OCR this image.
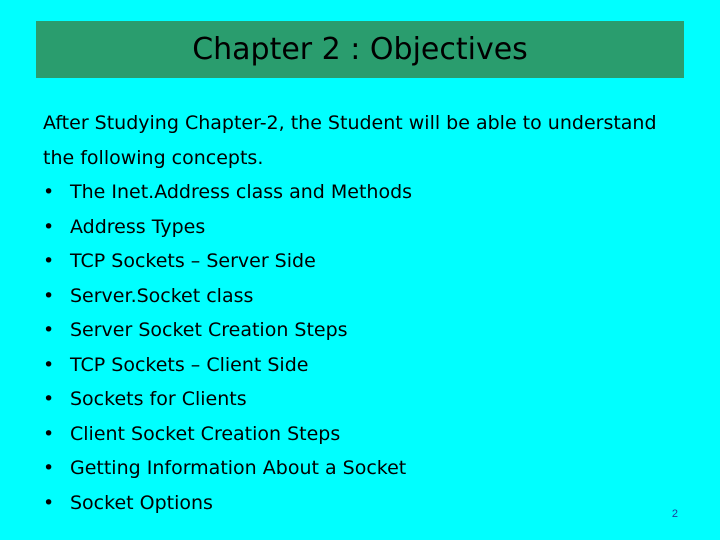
Chapter 2 : Objectives

After Studying Chapter-2, the Student will be able to understand the following concepts.

• The Inet.Address class and Methods
• Address Types
• TCP Sockets – Server Side
• Server.Socket class
• Server Socket Creation Steps
• TCP Sockets – Client Side
• Sockets for Clients
• Client Socket Creation Steps
• Getting Information About a Socket
• Socket Options
2
